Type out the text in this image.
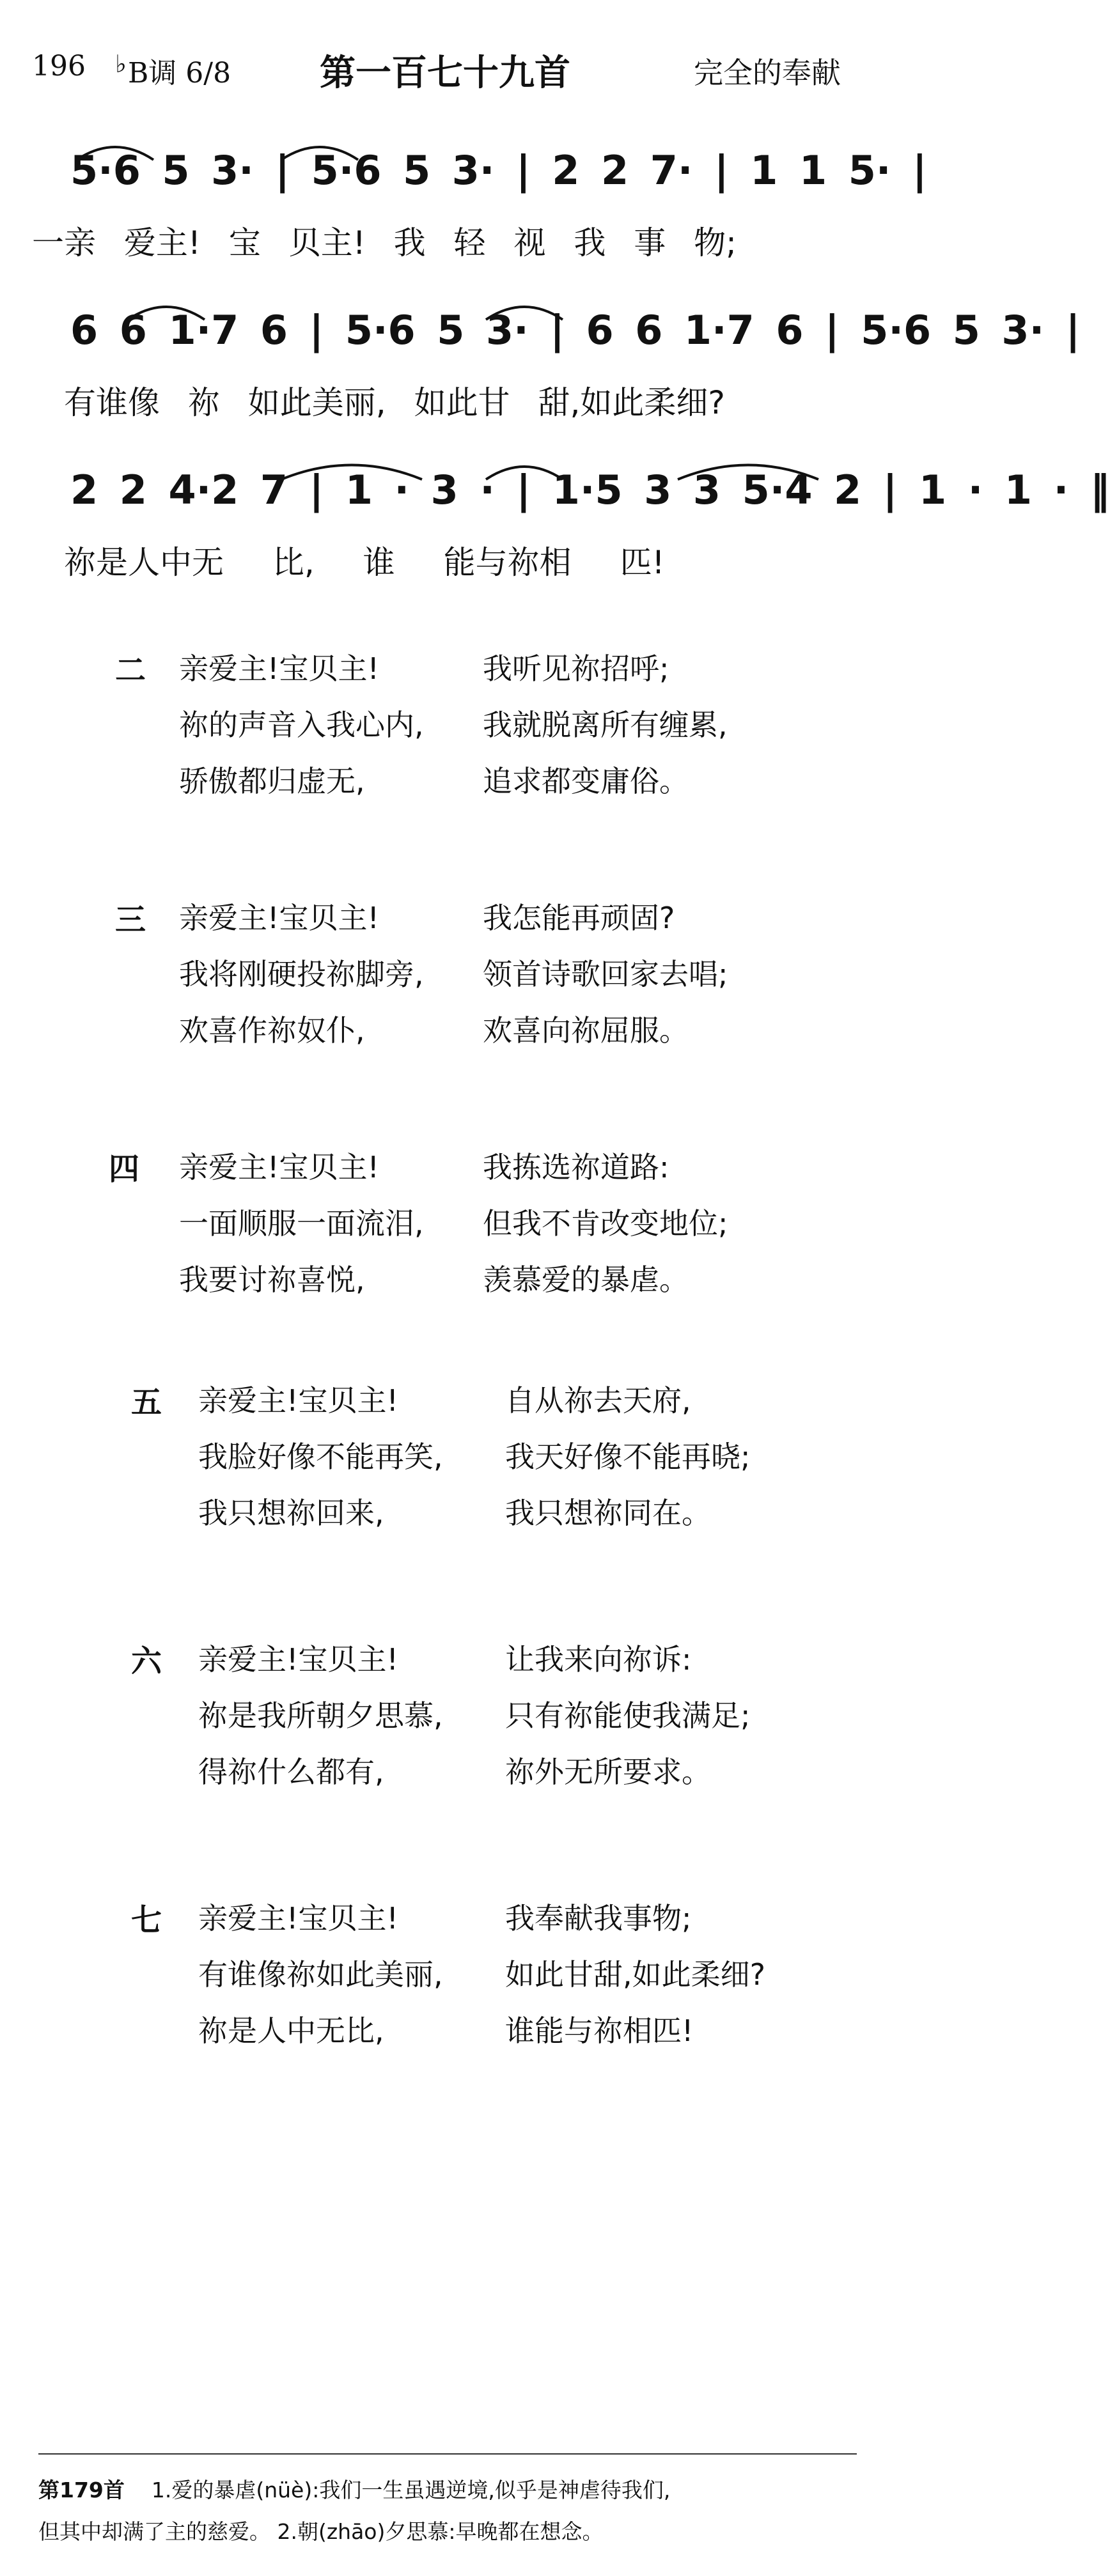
196 ♭B调 6/8 第一百七十九首	完全的奉献
5·6 5 3· | 5·6 5 3· | 2 2 7· | 1 1 5· |
一亲 爱主! 宝 贝主! 我 轻 视 我 事 物;
6 6 1·7 6 | 5·6 5 3· | 6 6 1·7 6 | 5·6 5 3· |
有谁像 祢 如此美丽, 如此甘 甜,如此柔细?
2 2 4·2 7 | 1 · 3 · | 1·5 3 3 5·4 2 | 1 · 1 · ‖
祢是人中无 比, 谁 能与祢相 匹!
二 亲爱主!宝贝主!	我听见祢招呼;
祢的声音入我心内, 我就脱离所有缠累,
骄傲都归虚无,	追求都变庸俗。
三 亲爱主!宝贝主!	我怎能再顽固?
我将刚硬投祢脚旁, 领首诗歌回家去唱;
欢喜作祢奴仆,	欢喜向祢屈服。
四 亲爱主!宝贝主!	我拣选祢道路:
一面顺服一面流泪, 但我不肯改变地位;
我要讨祢喜悦,	羡慕爱的暴虐。
五 亲爱主!宝贝主!	自从祢去天府,
我脸好像不能再笑, 我天好像不能再晓;
我只想祢回来,	我只想祢同在。
六 亲爱主!宝贝主!	让我来向祢诉:
祢是我所朝夕思慕, 只有祢能使我满足;
得祢什么都有,	祢外无所要求。
七 亲爱主!宝贝主!	我奉献我事物;
有谁像祢如此美丽, 如此甘甜,如此柔细?
祢是人中无比,	谁能与祢相匹!
第179首 1.爱的暴虐(nüè):我们一生虽遇逆境,似乎是神虐待我们,
但其中却满了主的慈爱。 2.朝(zhāo)夕思慕:早晚都在想念。
